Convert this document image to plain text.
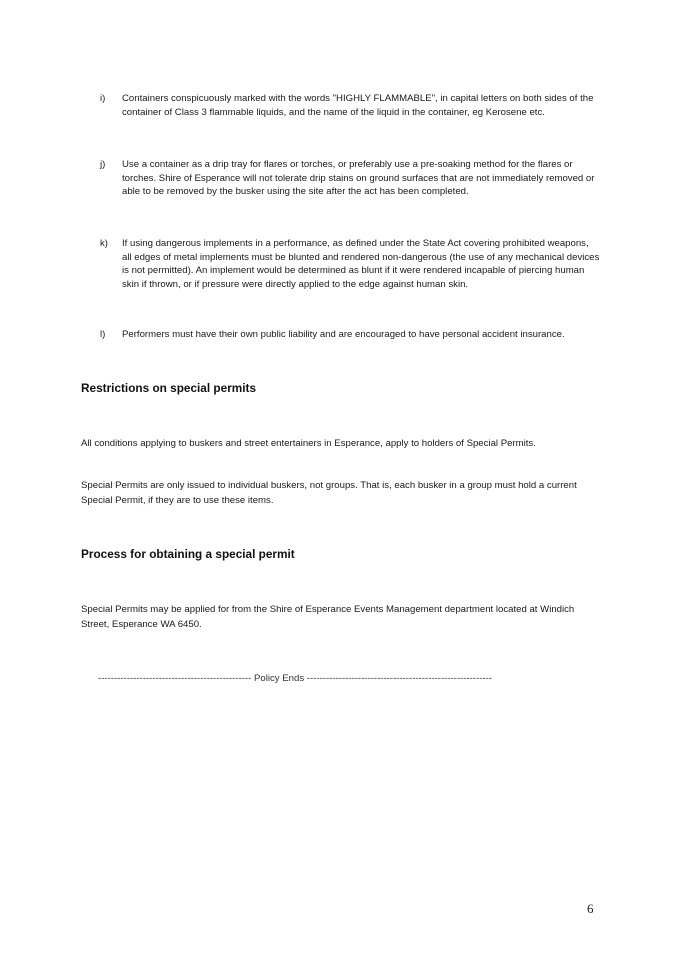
i)	Containers conspicuously marked with the words "HIGHLY FLAMMABLE", in capital letters on both sides of the container of Class 3 flammable liquids, and the name of the liquid in the container, eg Kerosene etc.
j)	Use a container as a drip tray for flares or torches, or preferably use a pre-soaking method for the flares or torches. Shire of Esperance will not tolerate drip stains on ground surfaces that are not immediately removed or able to be removed by the busker using the site after the act has been completed.
k)	If using dangerous implements in a performance, as defined under the State Act covering prohibited weapons, all edges of metal implements must be blunted and rendered non-dangerous (the use of any mechanical devices is not permitted). An implement would be determined as blunt if it were rendered incapable of piercing human skin if thrown, or if pressure were directly applied to the edge against human skin.
l)	Performers must have their own public liability and are encouraged to have personal accident insurance.
Restrictions on special permits
All conditions applying to buskers and street entertainers in Esperance, apply to holders of Special Permits.
Special Permits are only issued to individual buskers, not groups. That is, each busker in a group must hold a current Special Permit, if they are to use these items.
Process for obtaining a special permit
Special Permits may be applied for from the Shire of Esperance Events Management department located at Windich Street, Esperance WA 6450.
------------------------------------------------ Policy Ends ----------------------------------------------------------
6
